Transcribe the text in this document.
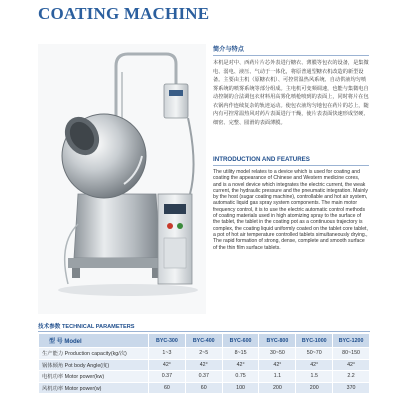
COATING MACHINE
简介与特点
本机是对中、西药片片芯外表进行糖衣、薄膜等包衣的设备，是集微电、弱电、液压、气动于一体化，将原普通型糖衣机改造的新型设备。主要由主机（原糖衣机）、可控常温热风系统、自动供液均匀喷雾系统的喷雾系统等部分组成。主电机可变频调速，也能与集微电自动控制的合法调包衣材料用高雾化喷枪喷到的表面上，同时将片在包衣锅内作连续复杂的轨迹运动。使包衣液均匀地包在药片的芯上，随内有可控常温热风对药片表面进行干燥，使片表表面快速形成坚硬、细密、完整、圆滑的表面薄膜。
INTRODUCTION AND FEATURES
The utility model relates to a device which is used for coating and coating the appearance of Chinese and Western medicine cores, and is a novel device which integrates the electric current, the weak current, the hydraulic pressure and the pneumatic integration. Mainly by the host (sugar coating machine), controllable and hot air system, automatic liquid gas spray system components. The main motor frequency control, it is to use the electric automatic control methods of coating materials used in high atomizing spray to the surface of the tablet, the tablet in the coating pot as a continuous trajectory is complex, the coating liquid uniformly coated on the tablet core tablet, a pot of hot air temperature controlled tablets simultaneously drying., The rapid formation of strong, dense, complete and smooth surface of the thin film surface tablets.
技术参数 TECHNICAL PARAMETERS
型 号 Model	BYC-300	BYC-400	BYC-600	BYC-800	BYC-1000	BYC-1200
生产能力 Production capacity(kg/次)	1~3	2~5	8~15	30~50	50~70	80~150
锅体倾角 Pot body Angle(度)	42°	42°	42°	42°	42°	42°
电机功率 Motor power(kw)	0.37	0.37	0.75	1.1	1.5	2.2
风机功率 Motor power(w)	60	60	100	200	200	370
